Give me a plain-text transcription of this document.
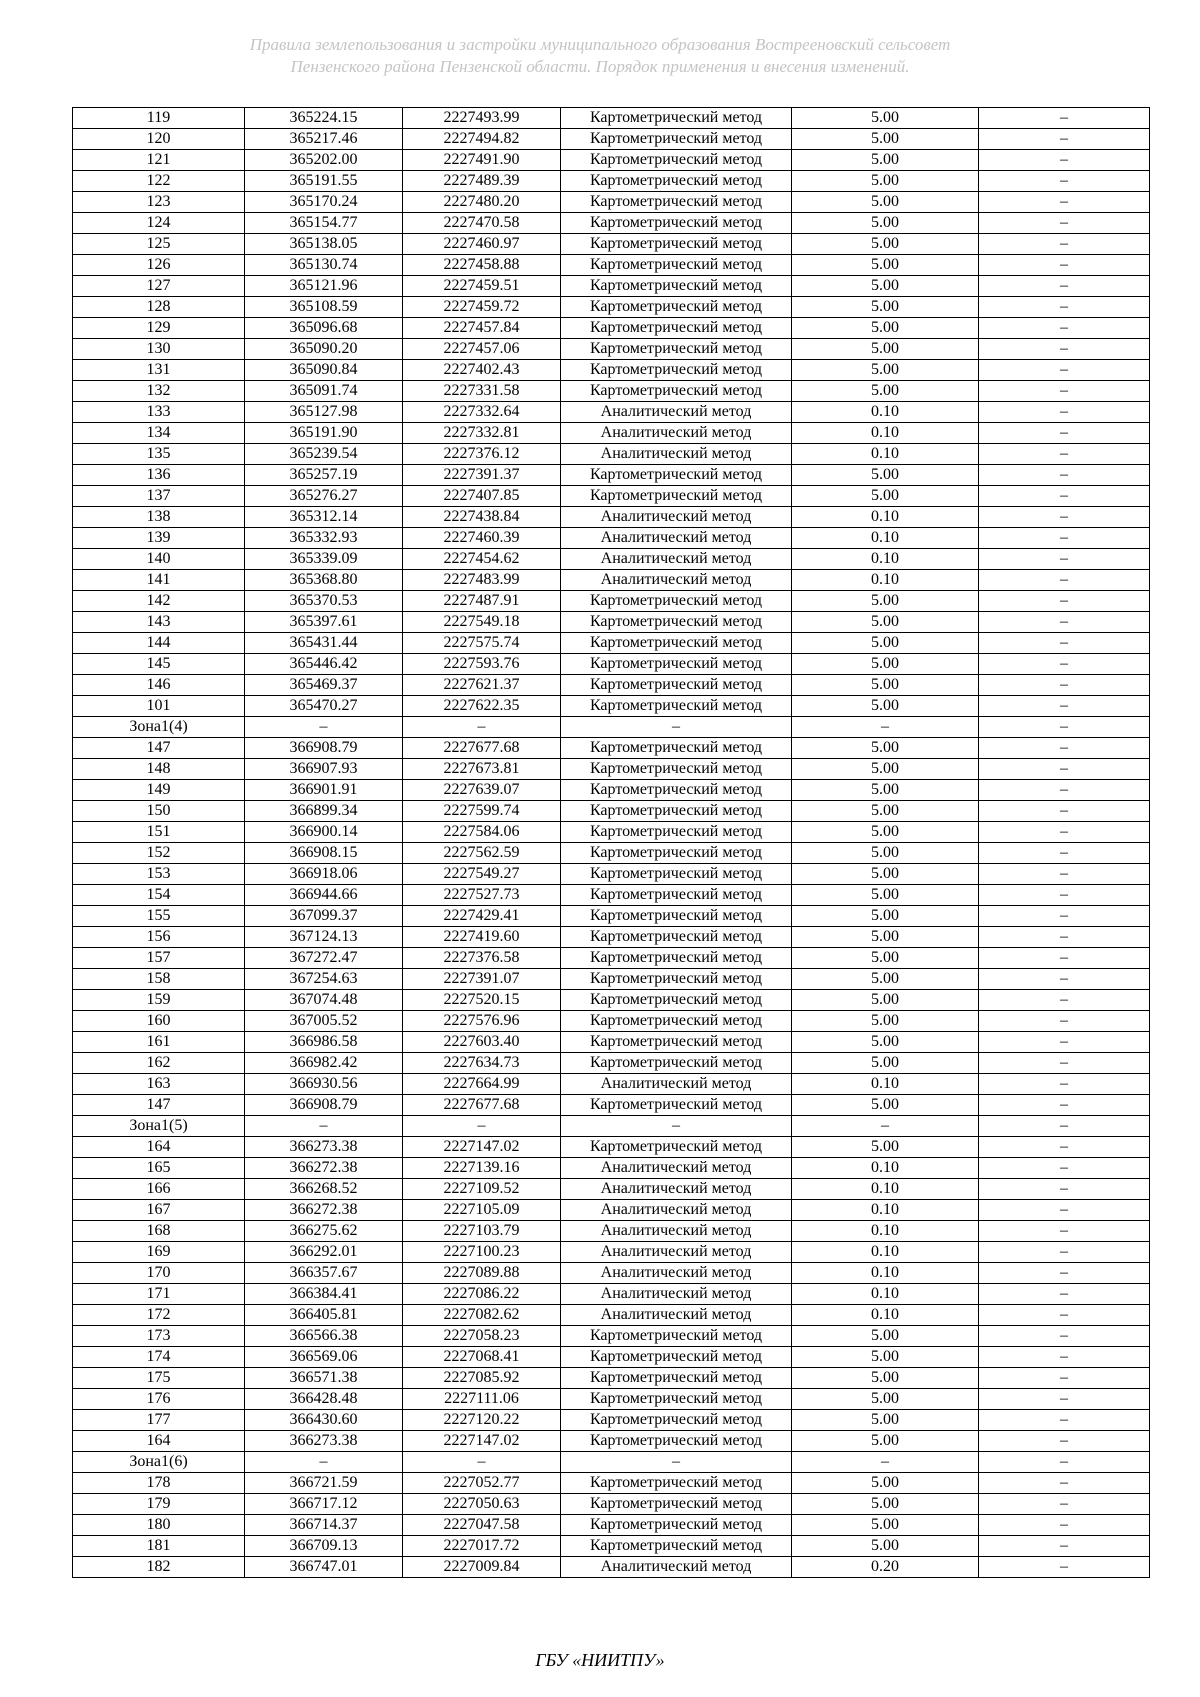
Правила землепользования и застройки муниципального образования Вострееновский сельсовет
Пензенского района Пензенской области. Порядок применения и внесения изменений.
119	365224.15	2227493.99	Картометрический метод	5.00	–
120	365217.46	2227494.82	Картометрический метод	5.00	–
121	365202.00	2227491.90	Картометрический метод	5.00	–
122	365191.55	2227489.39	Картометрический метод	5.00	–
123	365170.24	2227480.20	Картометрический метод	5.00	–
124	365154.77	2227470.58	Картометрический метод	5.00	–
125	365138.05	2227460.97	Картометрический метод	5.00	–
126	365130.74	2227458.88	Картометрический метод	5.00	–
127	365121.96	2227459.51	Картометрический метод	5.00	–
128	365108.59	2227459.72	Картометрический метод	5.00	–
129	365096.68	2227457.84	Картометрический метод	5.00	–
130	365090.20	2227457.06	Картометрический метод	5.00	–
131	365090.84	2227402.43	Картометрический метод	5.00	–
132	365091.74	2227331.58	Картометрический метод	5.00	–
133	365127.98	2227332.64	Аналитический метод	0.10	–
134	365191.90	2227332.81	Аналитический метод	0.10	–
135	365239.54	2227376.12	Аналитический метод	0.10	–
136	365257.19	2227391.37	Картометрический метод	5.00	–
137	365276.27	2227407.85	Картометрический метод	5.00	–
138	365312.14	2227438.84	Аналитический метод	0.10	–
139	365332.93	2227460.39	Аналитический метод	0.10	–
140	365339.09	2227454.62	Аналитический метод	0.10	–
141	365368.80	2227483.99	Аналитический метод	0.10	–
142	365370.53	2227487.91	Картометрический метод	5.00	–
143	365397.61	2227549.18	Картометрический метод	5.00	–
144	365431.44	2227575.74	Картометрический метод	5.00	–
145	365446.42	2227593.76	Картометрический метод	5.00	–
146	365469.37	2227621.37	Картометрический метод	5.00	–
101	365470.27	2227622.35	Картометрический метод	5.00	–
Зона1(4)	–	–	–	–	–
147	366908.79	2227677.68	Картометрический метод	5.00	–
148	366907.93	2227673.81	Картометрический метод	5.00	–
149	366901.91	2227639.07	Картометрический метод	5.00	–
150	366899.34	2227599.74	Картометрический метод	5.00	–
151	366900.14	2227584.06	Картометрический метод	5.00	–
152	366908.15	2227562.59	Картометрический метод	5.00	–
153	366918.06	2227549.27	Картометрический метод	5.00	–
154	366944.66	2227527.73	Картометрический метод	5.00	–
155	367099.37	2227429.41	Картометрический метод	5.00	–
156	367124.13	2227419.60	Картометрический метод	5.00	–
157	367272.47	2227376.58	Картометрический метод	5.00	–
158	367254.63	2227391.07	Картометрический метод	5.00	–
159	367074.48	2227520.15	Картометрический метод	5.00	–
160	367005.52	2227576.96	Картометрический метод	5.00	–
161	366986.58	2227603.40	Картометрический метод	5.00	–
162	366982.42	2227634.73	Картометрический метод	5.00	–
163	366930.56	2227664.99	Аналитический метод	0.10	–
147	366908.79	2227677.68	Картометрический метод	5.00	–
Зона1(5)	–	–	–	–	–
164	366273.38	2227147.02	Картометрический метод	5.00	–
165	366272.38	2227139.16	Аналитический метод	0.10	–
166	366268.52	2227109.52	Аналитический метод	0.10	–
167	366272.38	2227105.09	Аналитический метод	0.10	–
168	366275.62	2227103.79	Аналитический метод	0.10	–
169	366292.01	2227100.23	Аналитический метод	0.10	–
170	366357.67	2227089.88	Аналитический метод	0.10	–
171	366384.41	2227086.22	Аналитический метод	0.10	–
172	366405.81	2227082.62	Аналитический метод	0.10	–
173	366566.38	2227058.23	Картометрический метод	5.00	–
174	366569.06	2227068.41	Картометрический метод	5.00	–
175	366571.38	2227085.92	Картометрический метод	5.00	–
176	366428.48	2227111.06	Картометрический метод	5.00	–
177	366430.60	2227120.22	Картометрический метод	5.00	–
164	366273.38	2227147.02	Картометрический метод	5.00	–
Зона1(6)	–	–	–	–	–
178	366721.59	2227052.77	Картометрический метод	5.00	–
179	366717.12	2227050.63	Картометрический метод	5.00	–
180	366714.37	2227047.58	Картометрический метод	5.00	–
181	366709.13	2227017.72	Картометрический метод	5.00	–
182	366747.01	2227009.84	Аналитический метод	0.20	–
ГБУ «НИИТПУ»
